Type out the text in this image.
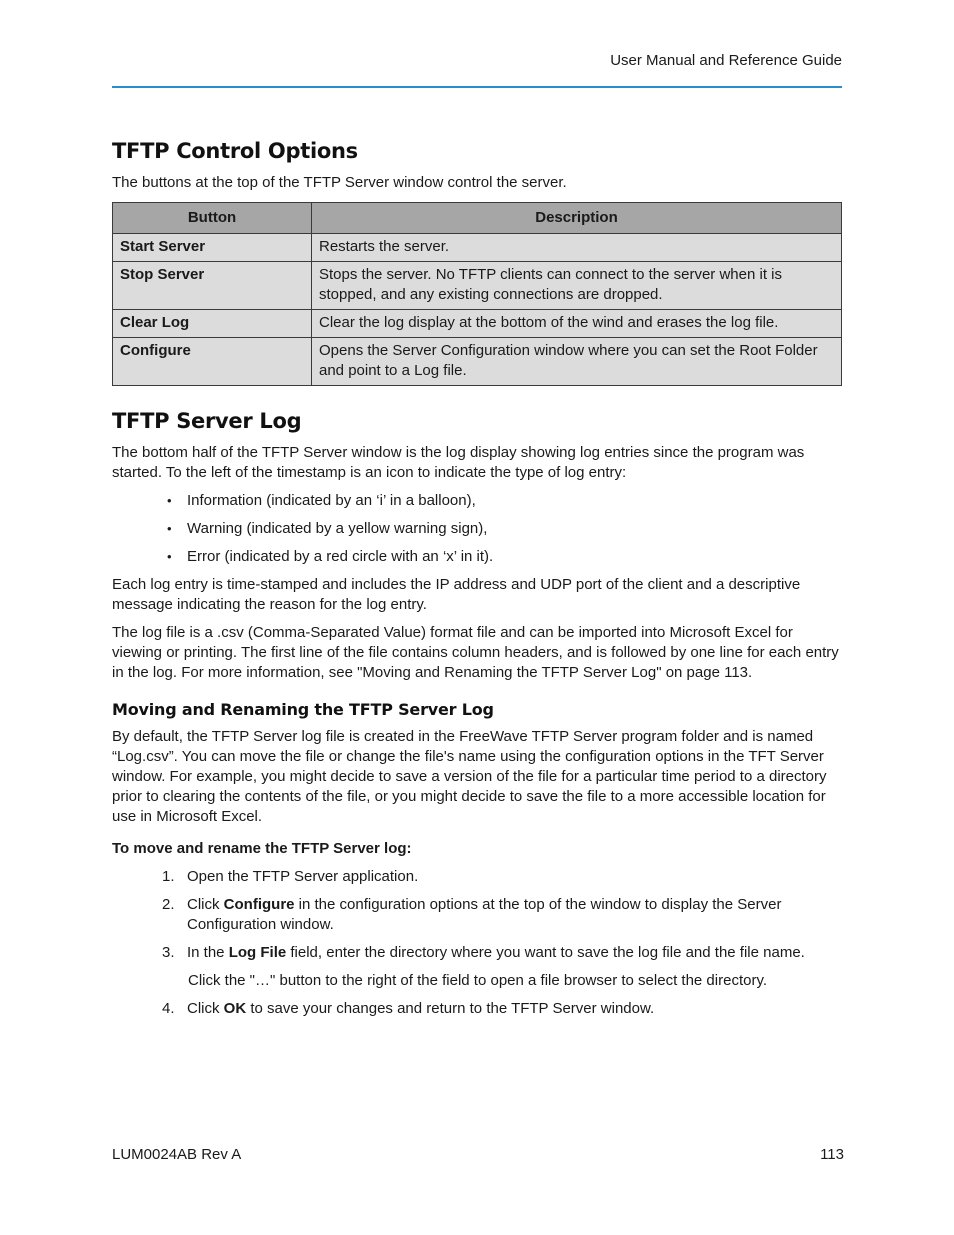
User Manual and Reference Guide
TFTP Control Options

The buttons at the top of the TFTP Server window control the server.

Button	Description
Start Server	Restarts the server.
Stop Server	Stops the server. No TFTP clients can connect to the server when it is stopped, and any existing connections are dropped.
Clear Log	Clear the log display at the bottom of the wind and erases the log file.
Configure	Opens the Server Configuration window where you can set the Root Folder and point to a Log file.
TFTP Server Log

The bottom half of the TFTP Server window is the log display showing log entries since the program was started. To the left of the timestamp is an icon to indicate the type of log entry:

• Information (indicated by an ‘i’ in a balloon),
• Warning (indicated by a yellow warning sign),
• Error (indicated by a red circle with an ‘x’ in it).

Each log entry is time-stamped and includes the IP address and UDP port of the client and a descriptive message indicating the reason for the log entry.

The log file is a .csv (Comma-Separated Value) format file and can be imported into Microsoft Excel for viewing or printing. The first line of the file contains column headers, and is followed by one line for each entry in the log. For more information, see "Moving and Renaming the TFTP Server Log" on page 113.

Moving and Renaming the TFTP Server Log

By default, the TFTP Server log file is created in the FreeWave TFTP Server program folder and is named “Log.csv”. You can move the file or change the file's name using the configuration options in the TFT Server window. For example, you might decide to save a version of the file for a particular time period to a directory prior to clearing the contents of the file, or you might decide to save the file to a more accessible location for use in Microsoft Excel.

To move and rename the TFTP Server log:

1. Open the TFTP Server application.
2. Click Configure in the configuration options at the top of the window to display the Server Configuration window.
3. In the Log File field, enter the directory where you want to save the log file and the file name.
Click the "…" button to the right of the field to open a file browser to select the directory.
4. Click OK to save your changes and return to the TFTP Server window.
LUM0024AB Rev A	113
